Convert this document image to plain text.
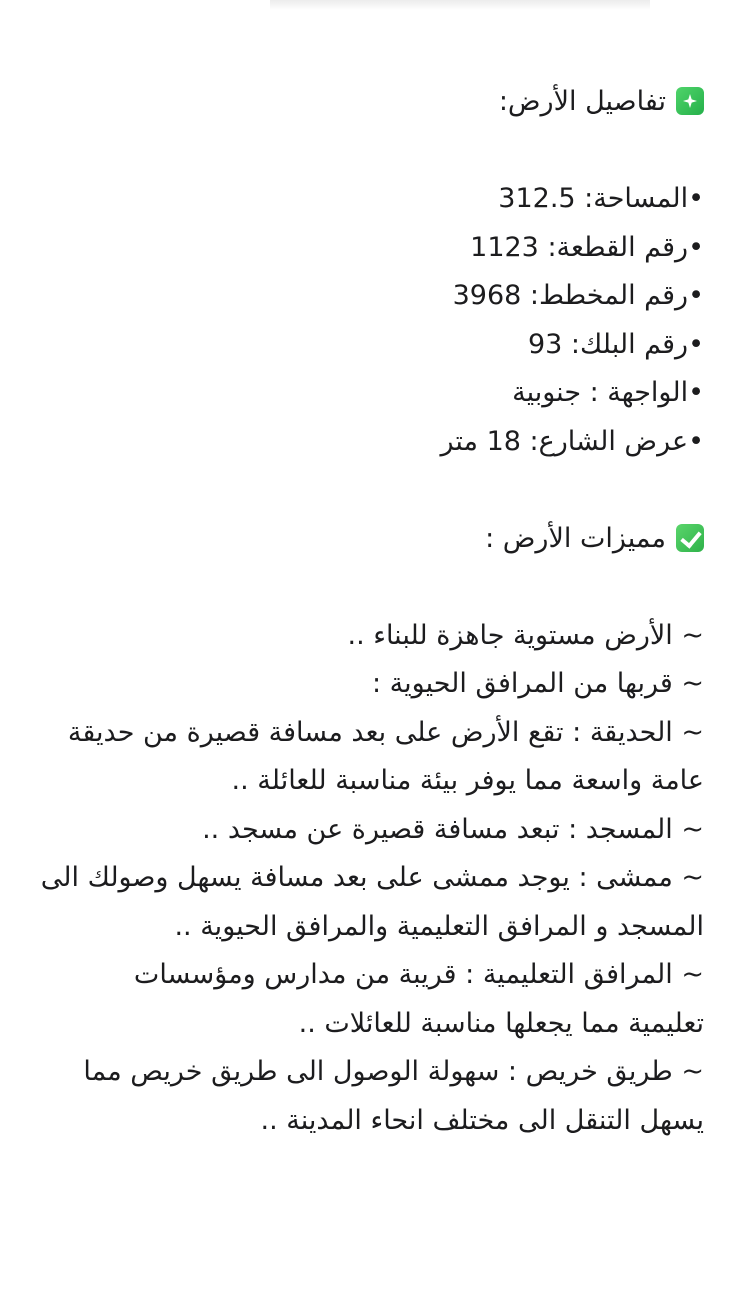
تفاصيل الأرض:
•المساحة: 312.5
•رقم القطعة: 1123
•رقم المخطط: 3968
•رقم البلك: 93
•الواجهة : جنوبية
•عرض الشارع: 18 متر
مميزات الأرض :
~ الأرض مستوية جاهزة للبناء ..
~ قربها من المرافق الحيوية :
~ الحديقة : تقع الأرض على بعد مسافة قصيرة من حديقة
عامة واسعة مما يوفر بيئة مناسبة للعائلة ..
~ المسجد : تبعد مسافة قصيرة عن مسجد ..
~ ممشى : يوجد ممشى على بعد مسافة يسهل وصولك الى
المسجد و المرافق التعليمية والمرافق الحيوية ..
~ المرافق التعليمية : قريبة من مدارس ومؤسسات
تعليمية مما يجعلها مناسبة للعائلات ..
~ طريق خريص : سهولة الوصول الى طريق خريص مما
يسهل التنقل الى مختلف انحاء المدينة ..
